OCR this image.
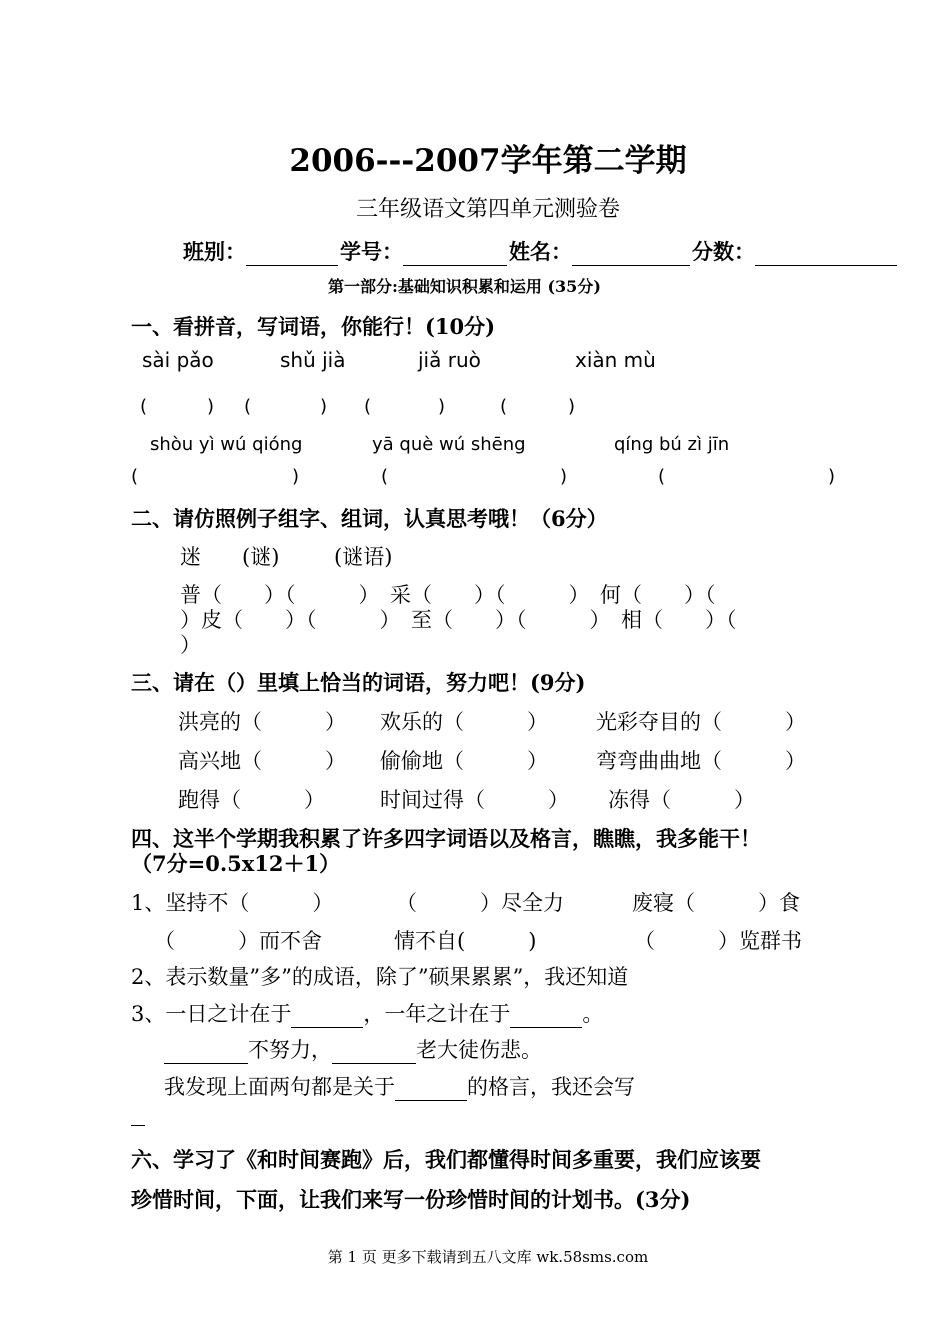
2006---2007学年第二学期
三年级语文第四单元测验卷
班别：	学号：	姓名：	分数：
第一部分:基础知识积累和运用 (35分)
一、看拼音，写词语，你能行！(10分)
sài pǎo	shǔ jià	jiǎ ruò	xiàn mù
(	) (	) (	)	(	)
shòu yì wú qióng	yā què wú shēng	qíng bú zì jīn
(	)	(	)	(	)
二、请仿照例子组字、组词，认真思考哦！（6分）
迷 (谜)	(谜语)
普（　　）（　　　）　采（　　）（　　　）　何（　　）（
）皮（　　）（　　　）　至（　　）（　　　）　相（　　）（
）
三、请在（）里填上恰当的词语，努力吧！(9分)
洪亮的（　　　） 欢乐的（　　　） 光彩夺目的（　　　）
高兴地（　　　） 偷偷地（　　　） 弯弯曲曲地（　　　）
跑得（　　　）	时间过得（　　　） 冻得（　　　）
四、这半个学期我积累了许多四字词语以及格言，瞧瞧，我多能干！
（7分=0.5x12＋1）
1、坚持不（　　　）	（　　　）尽全力	废寝（　　　）食
（　　　）而不舍	情不自(　　　)	（　　　）览群书
2、表示数量”多”的成语，除了”硕果累累”，我还知道
3、一日之计在于	，一年之计在于	。
不努力，	老大徒伤悲。
我发现上面两句都是关于	的格言，我还会写
六、学习了《和时间赛跑》后，我们都懂得时间多重要，我们应该要
珍惜时间，下面，让我们来写一份珍惜时间的计划书。(3分)
第 1 页 更多下载请到五八文库 wk.58sms.com
